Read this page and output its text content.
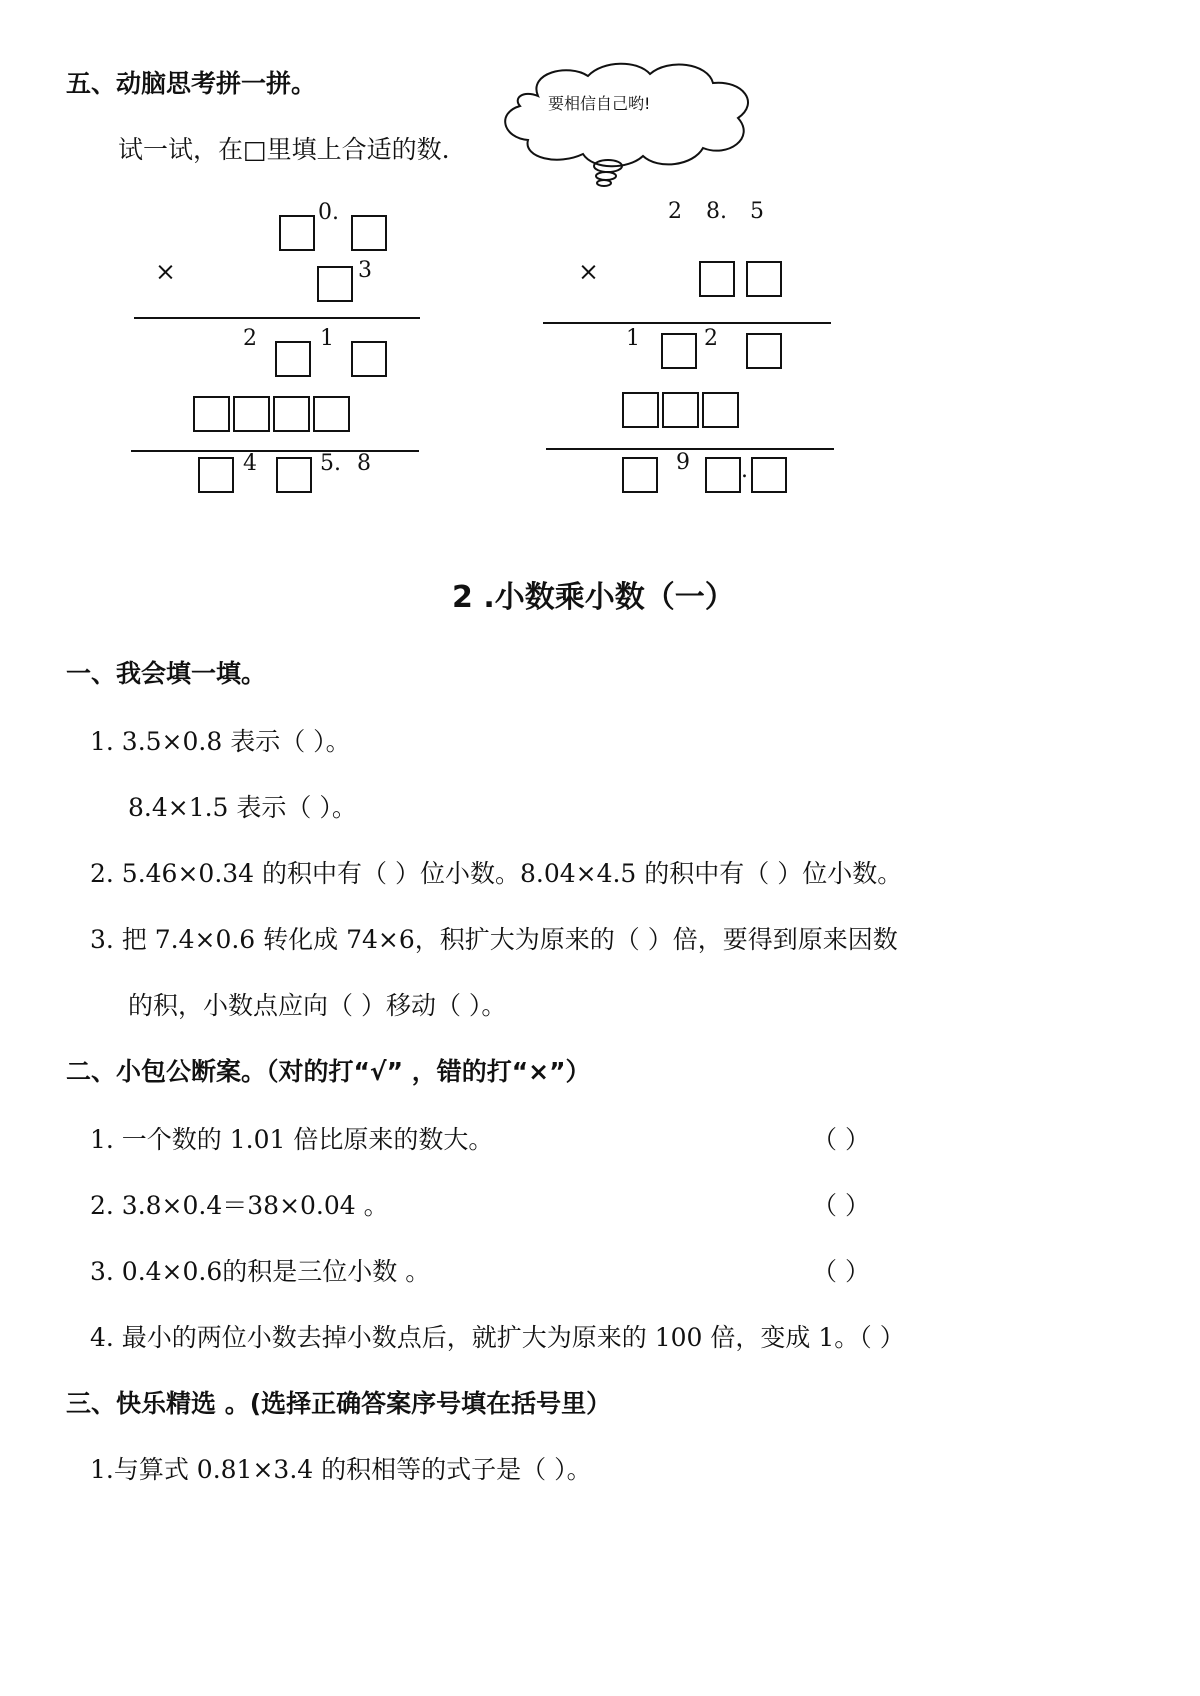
五、动脑思考拼一拼。
试一试，在□里填上合适的数.
要相信自己哟!
0.
×	3
2	1
4	5. 8
2 8. 5
×
1	2
9 .
2 .小数乘小数（一）
一、我会填一填。
1. 3.5×0.8 表示（ ）。
8.4×1.5 表示（ ）。
2. 5.46×0.34 的积中有（ ）位小数。8.04×4.5 的积中有（ ）位小数。
3. 把 7.4×0.6 转化成 74×6，积扩大为原来的（ ）倍，要得到原来因数
的积，小数点应向（ ）移动（ ）。
二、小包公断案。（对的打“√” ，错的打“×”）
1. 一个数的 1.01 倍比原来的数大。	（ ）
2. 3.8×0.4＝38×0.04 。	（ ）
3. 0.4×0.6的积是三位小数 。	（ ）
4. 最小的两位小数去掉小数点后，就扩大为原来的 100 倍，变成 1。（ ）
三、快乐精选 。(选择正确答案序号填在括号里）
1.与算式 0.81×3.4 的积相等的式子是（ ）。
